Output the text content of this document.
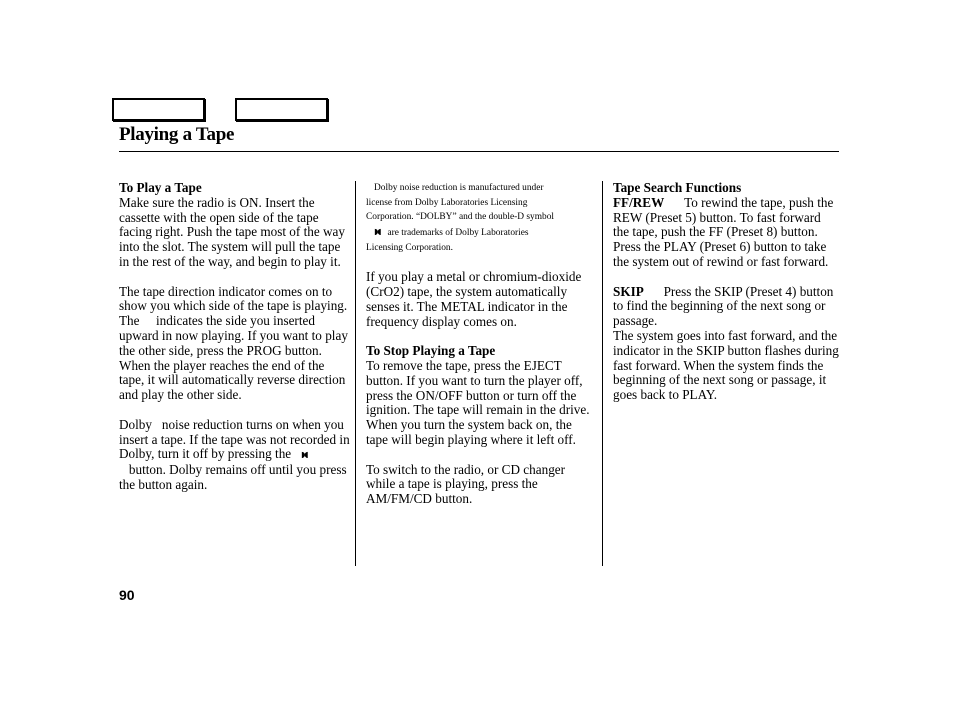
Playing a Tape

To Play a Tape

Make sure the radio is ON. Insert the cassette with the open side of the tape facing right. Push the tape most of the way into the slot. The system will pull the tape in the rest of the way, and begin to play it.

The tape direction indicator comes on to show you which side of the tape is playing. The     indicates the side you inserted upward in now playing. If you want to play the other side, press the PROG button. When the player reaches the end of the tape, it will automatically reverse direction and play the other side.

Dolby   noise reduction turns on when you insert a tape. If the tape was not recorded in Dolby, turn it off by pressing the ◗◖   button. Dolby remains off until you press the button again.

Dolby noise reduction is manufactured under
license from Dolby Laboratories Licensing
Corporation. “DOLBY” and the double-D symbol
◗◖ are trademarks of Dolby Laboratories
Licensing Corporation.

If you play a metal or chromium-dioxide (CrO2) tape, the system automatically senses it. The METAL indicator in the frequency display comes on.

To Stop Playing a Tape

To remove the tape, press the EJECT button. If you want to turn the player off, press the ON/OFF button or turn off the ignition. The tape will remain in the drive. When you turn the system back on, the tape will begin playing where it left off.

To switch to the radio, or CD changer while a tape is playing, press the AM/FM/CD button.

Tape Search Functions

FF/REW To rewind the tape, push the REW (Preset 5) button. To fast forward the tape, push the FF (Preset 8) button. Press the PLAY (Preset 6) button to take the system out of rewind or fast forward.

SKIP Press the SKIP (Preset 4) button to find the beginning of the next song or passage.

The system goes into fast forward, and the indicator in the SKIP button flashes during fast forward. When the system finds the beginning of the next song or passage, it goes back to PLAY.

90
